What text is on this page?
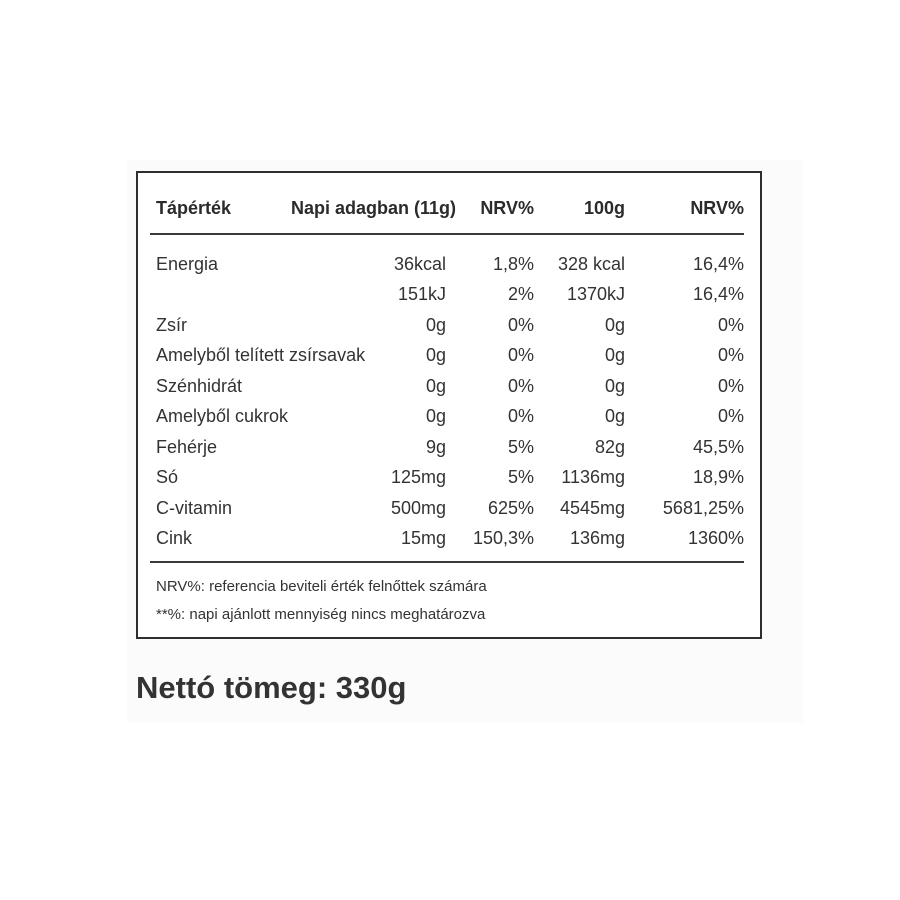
Tápérték	Napi adagban (11g) NRV%	100g	NRV%
Energia	36kcal	1,8% 328 kcal	16,4%
151kJ	2% 1370kJ	16,4%
Zsír	0g	0%	0g	0%
Amelyből telített zsírsavak	0g	0%	0g	0%
Szénhidrát	0g	0%	0g	0%
Amelyből cukrok	0g	0%	0g	0%
Fehérje	9g	5%	82g	45,5%
Só	125mg	5% 1136mg	18,9%
C-vitamin	500mg 625% 4545mg 5681,25%
Cink	15mg 150,3% 136mg	1360%
NRV%: referencia beviteli érték felnőttek számára
**%: napi ajánlott mennyiség nincs meghatározva
Nettó tömeg: 330g
